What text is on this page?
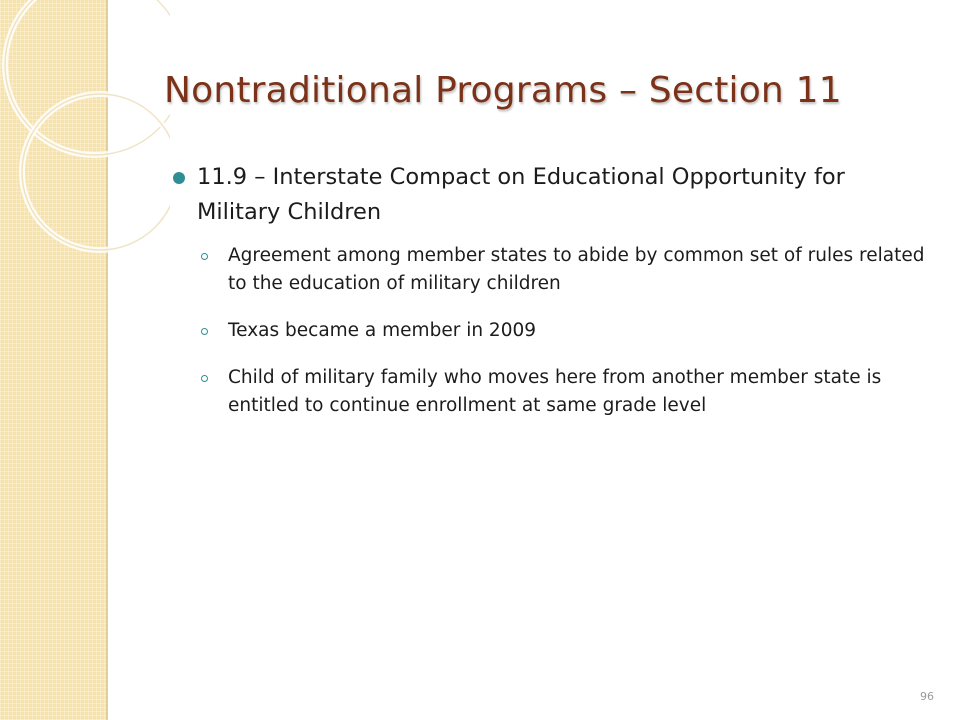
Nontraditional Programs – Section 11
11.9 – Interstate Compact on Educational Opportunity for Military Children
Agreement among member states to abide by common set of rules related to the education of military children
Texas became a member in 2009
Child of military family who moves here from another member state is entitled to continue enrollment at same grade level
96
